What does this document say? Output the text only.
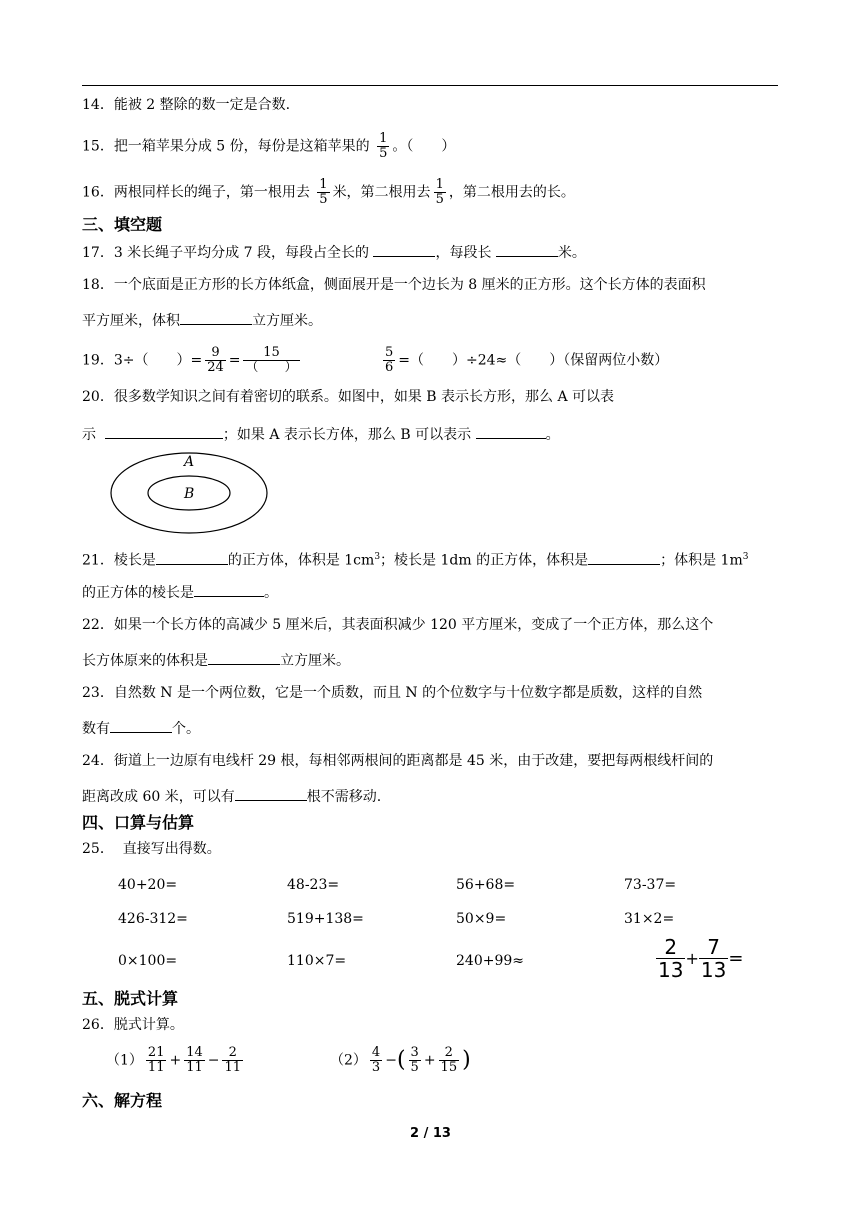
14．能被 2 整除的数一定是合数.
15．把一箱苹果分成 5 份，每份是这箱苹果的 $\frac{1}{5}$ 。（　　）
16．两根同样长的绳子，第一根用去 $\frac{1}{5}$ 米，第二根用去 $\frac{1}{5}$ ，第二根用去的长。
三、填空题
17．3 米长绳子平均分成 7 段，每段占全长的	，每段长	米。
18．一个底面是正方形的长方体纸盒，侧面展开是一个边长为 8 厘米的正方形。这个长方体的表面积
平方厘米，体积	立方厘米。
19．3÷（　　）= $\frac{9}{24} = \frac{15}{( )}$	$\frac{5}{6}$ =（　　）÷24≈（　　）（保留两位小数）
20．很多数学知识之间有着密切的联系。如图中，如果 B 表示长方形，那么 A 可以表
示	；如果 A 表示长方体，那么 B 可以表示	。
A
B
21．棱长是	的正方体，体积是 $1cm^3$；棱长是 1dm 的正方体，体积是	；体积是 $1m^3$
的正方体的棱长是	。
22．如果一个长方体的高减少 5 厘米后，其表面积减少 120 平方厘米，变成了一个正方体，那么这个
长方体原来的体积是	立方厘米。
23．自然数 N 是一个两位数，它是一个质数，而且 N 的个位数字与十位数字都是质数，这样的自然
数有	个。
24．街道上一边原有电线杆 29 根，每相邻两根间的距离都是 45 米，由于改建，要把每两根线杆间的
距离改成 60 米，可以有	根不需移动.
四、口算与估算
25． 直接写出得数。
40+20=	48-23=	56+68=	73-37=
426-312=	519+138=	50×9=	31×2=
0×100=	110×7=	240+99≈	$\frac{2}{13} + \frac{7}{13}$ =
五、脱式计算
26．脱式计算。
$(1) \frac{21}{11} + \frac{14}{11} - \frac{2}{11}$	$(2) \frac{4}{3}$ −( $\frac{3}{5} + \frac{2}{15}$ )
六、解方程
2 / 13
